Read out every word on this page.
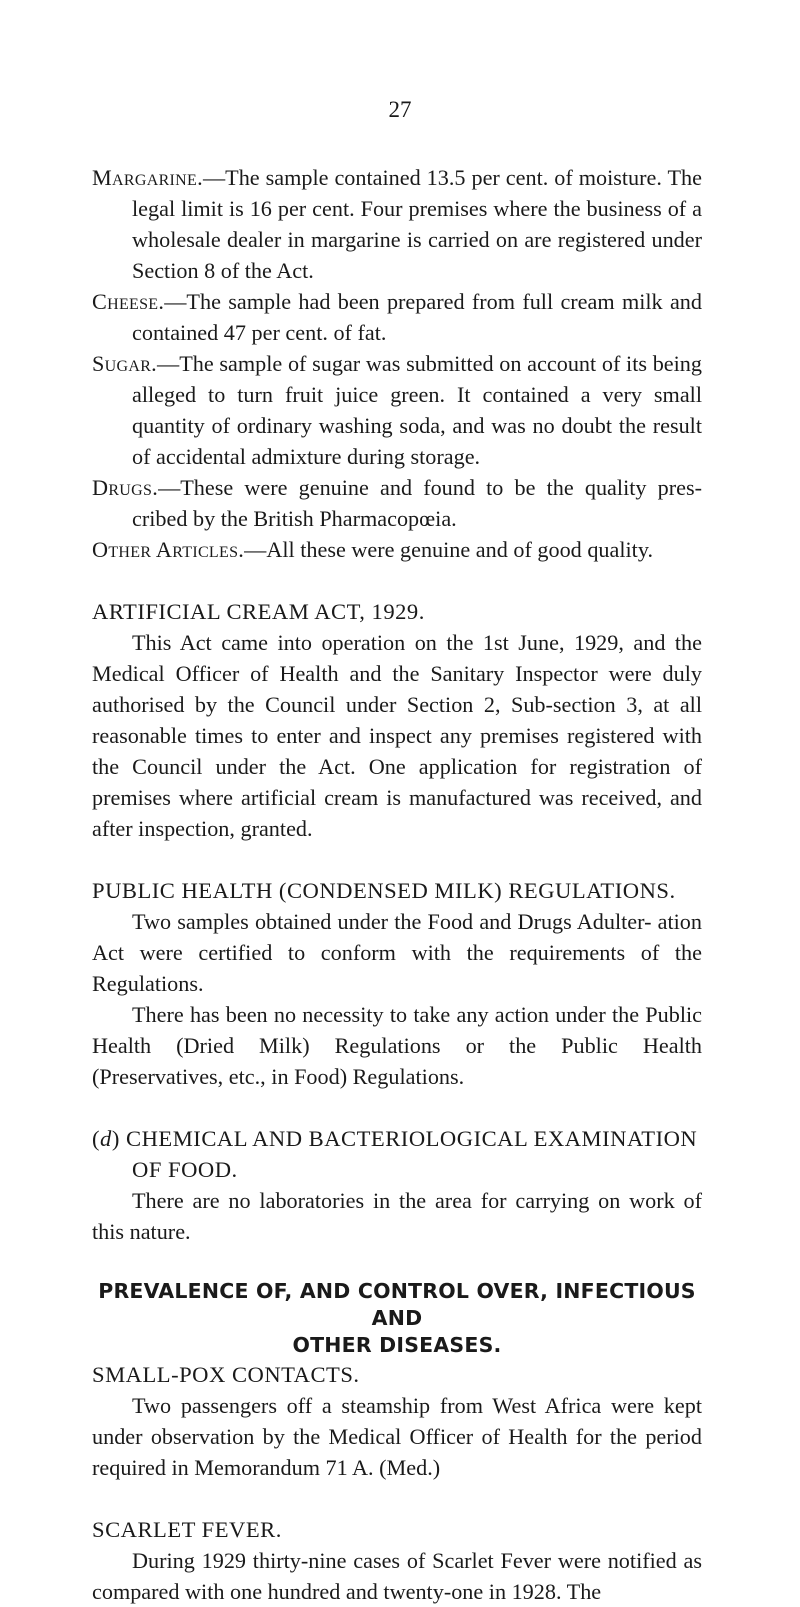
27

Margarine.—The sample contained 13.5 per cent. of moisture. The legal limit is 16 per cent. Four premises where the business of a wholesale dealer in margarine is carried on are registered under Section 8 of the Act.

Cheese.—The sample had been prepared from full cream milk and contained 47 per cent. of fat.

Sugar.—The sample of sugar was submitted on account of its being alleged to turn fruit juice green. It contained a very small quantity of ordinary washing soda, and was no doubt the result of accidental admixture during storage.

Drugs.—These were genuine and found to be the quality pres- cribed by the British Pharmacopœia.

Other Articles.—All these were genuine and of good quality.

ARTIFICIAL CREAM ACT, 1929.

This Act came into operation on the 1st June, 1929, and the Medical Officer of Health and the Sanitary Inspector were duly authorised by the Council under Section 2, Sub-section 3, at all reasonable times to enter and inspect any premises registered with the Council under the Act. One application for registration of premises where artificial cream is manufactured was received, and after inspection, granted.

PUBLIC HEALTH (CONDENSED MILK) REGULATIONS.

Two samples obtained under the Food and Drugs Adulter- ation Act were certified to conform with the requirements of the Regulations.

There has been no necessity to take any action under the Public Health (Dried Milk) Regulations or the Public Health (Preservatives, etc., in Food) Regulations.

(d) CHEMICAL AND BACTERIOLOGICAL EXAMINATION OF FOOD.

There are no laboratories in the area for carrying on work of this nature.

PREVALENCE OF, AND CONTROL OVER, INFECTIOUS AND

OTHER DISEASES.

SMALL-POX CONTACTS.

Two passengers off a steamship from West Africa were kept under observation by the Medical Officer of Health for the period required in Memorandum 71 A. (Med.)

SCARLET FEVER.

During 1929 thirty-nine cases of Scarlet Fever were notified as compared with one hundred and twenty-one in 1928. The
